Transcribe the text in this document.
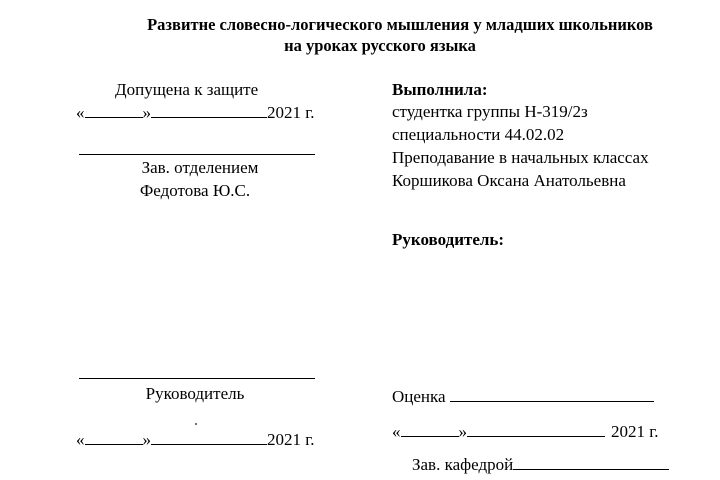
Развитне словесно-логического мышления у младших школьников
на уроках русского языка
Допущена к защите
«	»	2021 г.
Зав. отделением
Федотова Ю.С.
Руководитель
«	»	2021 г.
Выполнила:
студентка группы Н-319/2з
специальности 44.02.02
Преподавание в начальных классах
Коршикова Оксана Анатольевна
Руководитель:
Оценка
«	»	2021 г.
Зав. кафедрой
